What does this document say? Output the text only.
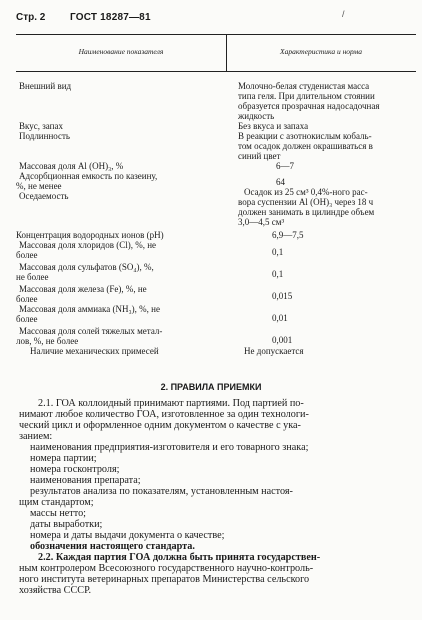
Стр. 2 ГОСТ 18287—81	/
Наименование показателя	Характеристика и норма
Внешний вид	Молочно-белая студенистая масса
типа геля. При длительном стоянии
образуется прозрачная надосадочная
жидкость
Вкус, запах	Без вкуса и запаха
Подлинность	В реакции с азотнокислым кобаль-
том осадок должен окрашиваться в
синий цвет
Массовая доля Al (OH)₃, %	6—7
Адсорбционная емкость по казеину,
%, не менее	64
Оседаемость	Осадок из 25 см³ 0,4%-ного рас-
вора суспензии Al (OH)₃ через 18 ч
должен занимать в цилиндре объем
3,0—4,5 см³
Концентрация водородных ионов (pH)	6,9—7,5
Массовая доля хлоридов (Cl), %, не
более	0,1
Массовая доля сульфатов (SO₄), %,
не более	0,1
Массовая доля железа (Fe), %, не
более	0,015
Массовая доля аммиака (NH₃), %, не
более	0,01
Массовая доля солей тяжелых метал-
лов, %, не более	0,001
Наличие механических примесей	Не допускается
2. ПРАВИЛА ПРИЕМКИ
2.1. ГОА коллоидный принимают партиями. Под партией по-
нимают любое количество ГОА, изготовленное за один технологи-
ческий цикл и оформленное одним документом о качестве с ука-
занием:
наименования предприятия-изготовителя и его товарного знака;
номера партии;
номера госконтроля;
наименования препарата;
результатов анализа по показателям, установленным настоя-
щим стандартом;
массы нетто;
даты выработки;
номера и даты выдачи документа о качестве;
обозначения настоящего стандарта.
2.2. Каждая партия ГОА должна быть принята государствен-
ным контролером Всесоюзного государственного научно-контроль-
ного института ветеринарных препаратов Министерства сельского
хозяйства СССР.
